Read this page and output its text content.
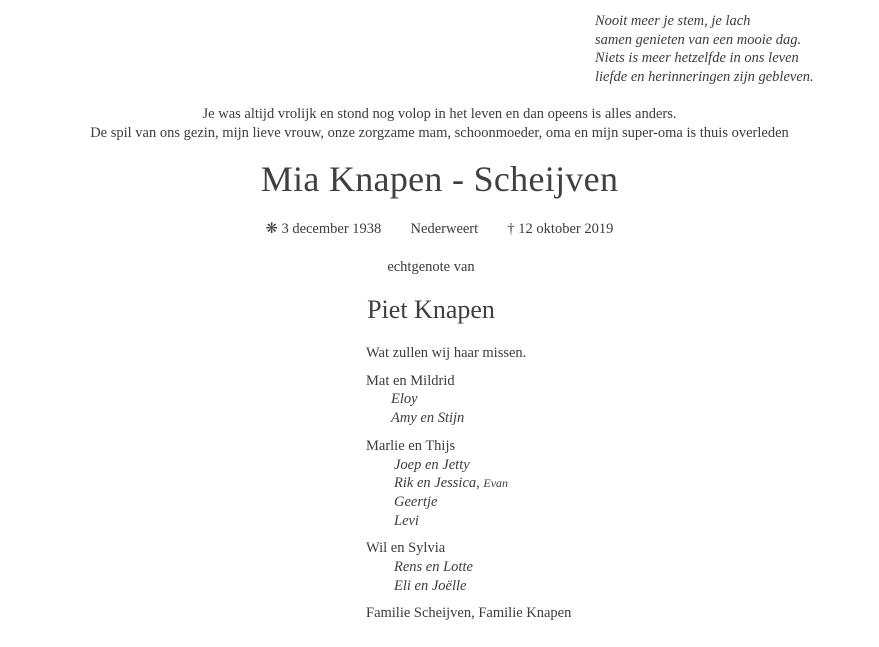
Nooit meer je stem, je lach
samen genieten van een mooie dag.
Niets is meer hetzelfde in ons leven
liefde en herinneringen zijn gebleven.
Je was altijd vrolijk en stond nog volop in het leven en dan opeens is alles anders.
De spil van ons gezin, mijn lieve vrouw, onze zorgzame mam, schoonmoeder, oma en mijn super-oma is thuis overleden
Mia Knapen - Scheijven
❋ 3 december 1938 Nederweert † 12 oktober 2019
echtgenote van
Piet Knapen
Wat zullen wij haar missen.
Mat en Mildrid
Eloy
Amy en Stijn
Marlie en Thijs
Joep en Jetty
Rik en Jessica, Evan
Geertje
Levi
Wil en Sylvia
Rens en Lotte
Eli en Joëlle
Familie Scheijven, Familie Knapen
